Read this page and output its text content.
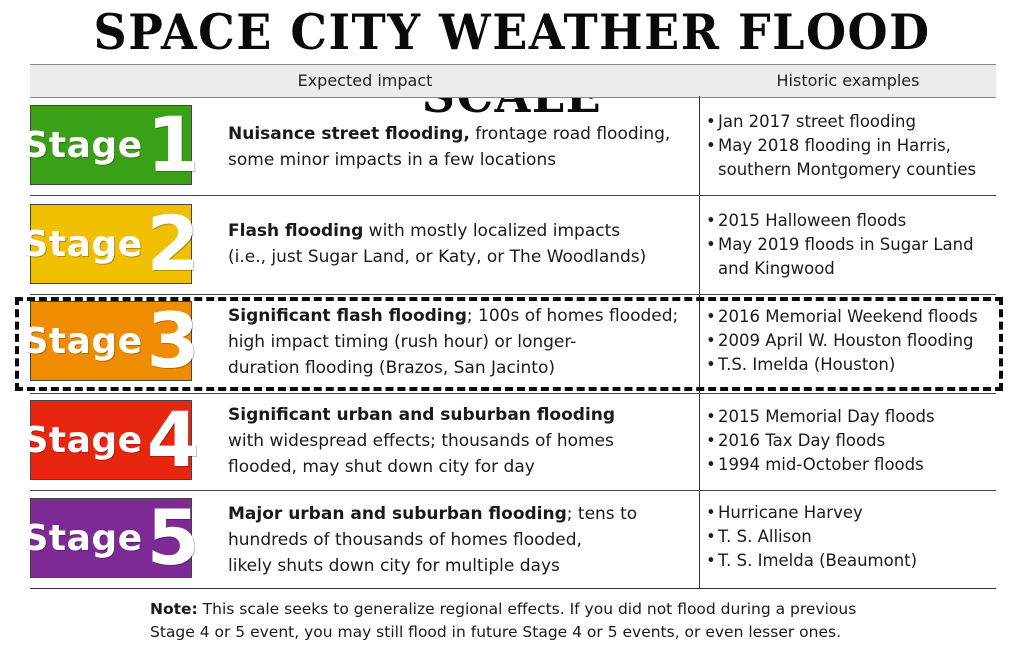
SPACE CITY WEATHER FLOOD
Expected impact	Historic examples
Stage 1 Nuisance street flooding, frontage road flooding,
some minor impacts in a few locations
• Jan 2017 street flooding
• May 2018 flooding in Harris, southern Montgomery counties
Stage 2 Flash flooding with mostly localized impacts
(i.e., just Sugar Land, or Katy, or The Woodlands)
• 2015 Halloween floods
• May 2019 floods in Sugar Land and Kingwood
Stage 3 Significant flash flooding; 100s of homes flooded;
high impact timing (rush hour) or longer-
duration flooding (Brazos, San Jacinto)
• 2016 Memorial Weekend floods
• 2009 April W. Houston flooding
• T.S. Imelda (Houston)
Stage 4 Significant urban and suburban flooding
with widespread effects; thousands of homes
flooded, may shut down city for day
• 2015 Memorial Day floods
• 2016 Tax Day floods
• 1994 mid-October floods
Stage 5 Major urban and suburban flooding; tens to
hundreds of thousands of homes flooded,
likely shuts down city for multiple days
• Hurricane Harvey
• T. S. Allison
• T. S. Imelda (Beaumont)
Note: This scale seeks to generalize regional effects. If you did not flood during a previous
Stage 4 or 5 event, you may still flood in future Stage 4 or 5 events, or even lesser ones.
